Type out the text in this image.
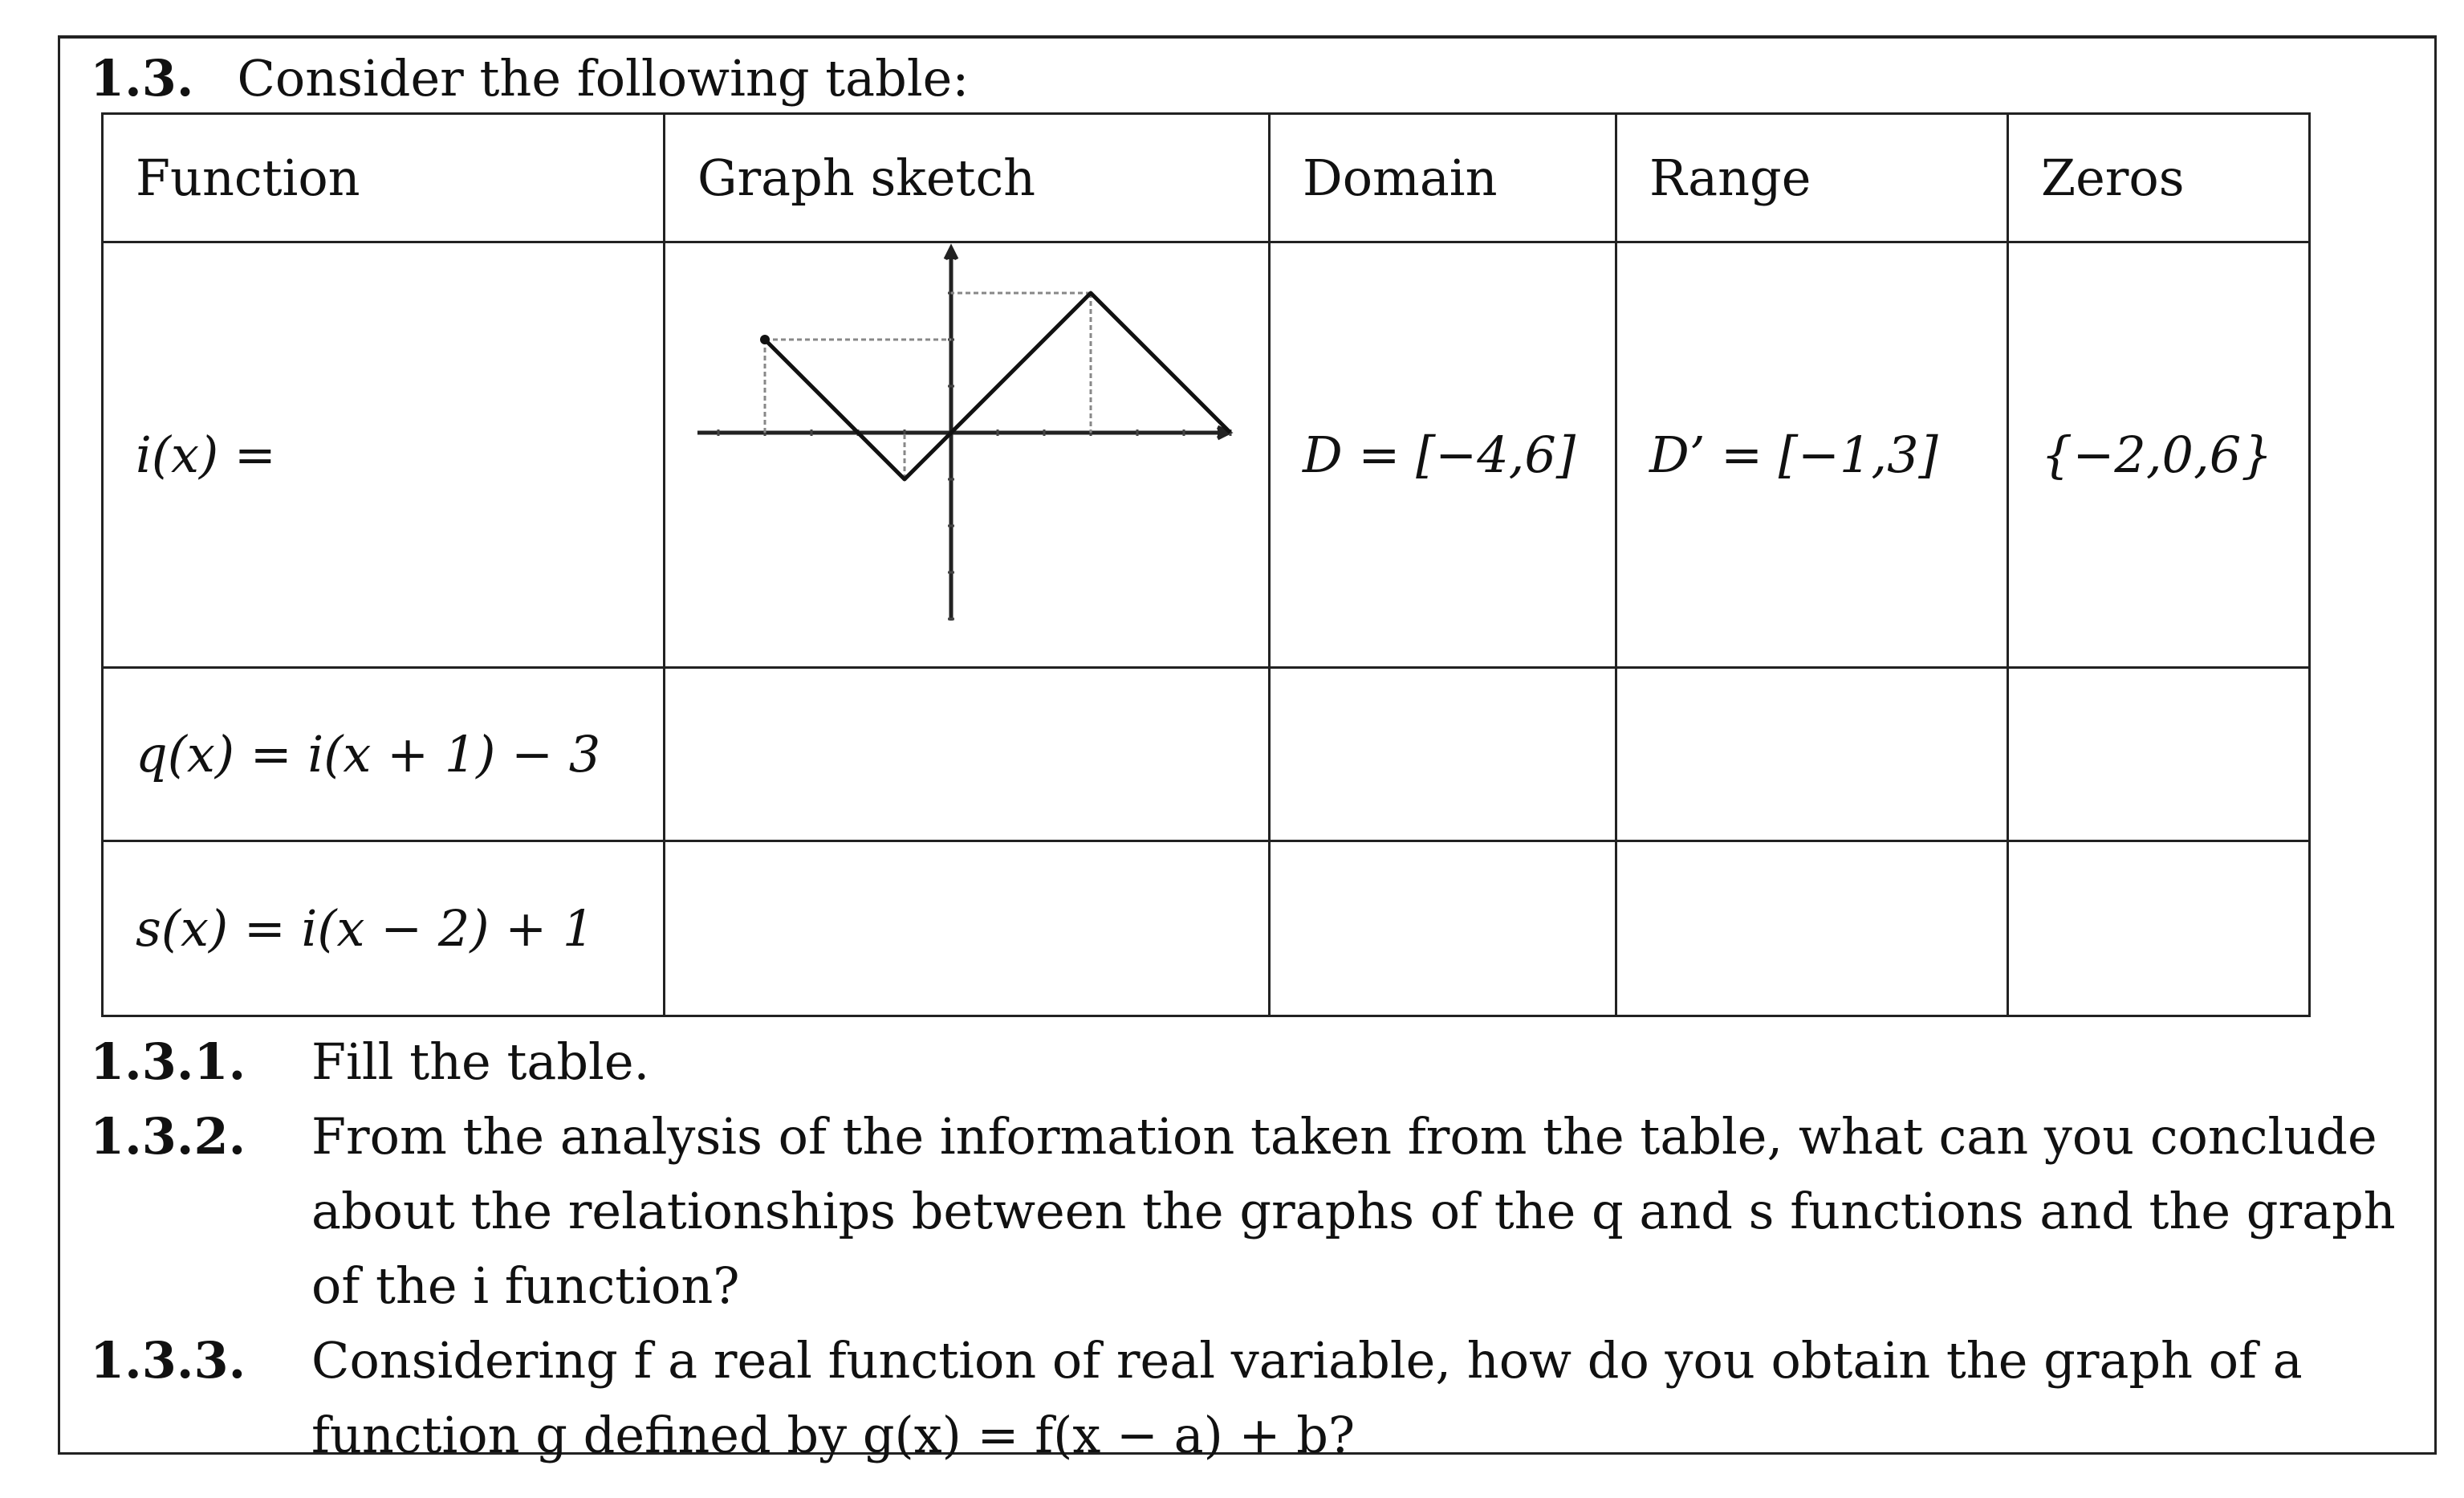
1.3. Consider the following table:
Function	Graph sketch	Domain	Range	Zeros
i(x) =		D = [−4,6]	D’ = [−1,3]	{−2,0,6}
q(x) = i(x + 1) − 3				
s(x) = i(x − 2) + 1				
1.3.1.	Fill the table.
1.3.2.	From the analysis of the information taken from the table, what can you conclude about the relationships between the graphs of the q and s functions and the graph of the i function?
1.3.3.	Considering f a real function of real variable, how do you obtain the graph of a function g defined by g(x) = f(x − a) + b?
